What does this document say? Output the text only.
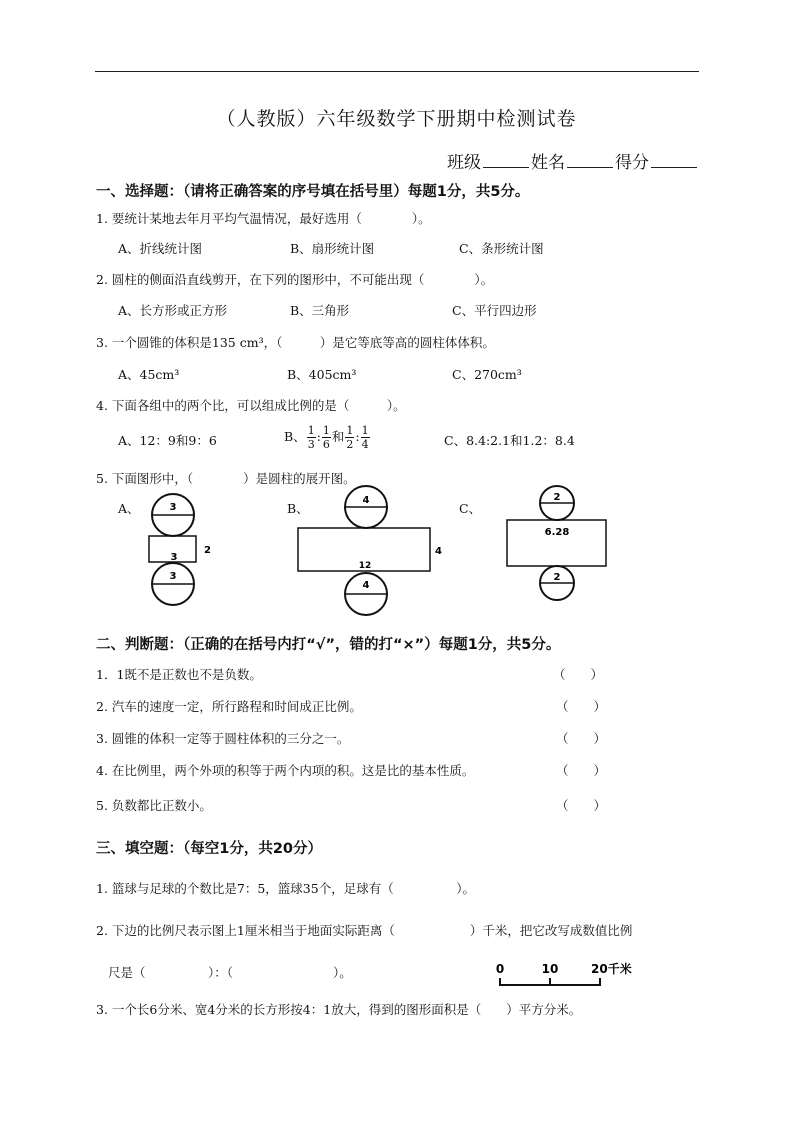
（人教版）六年级数学下册期中检测试卷
班级	姓名	得分
一、选择题：（请将正确答案的序号填在括号里）每题1分，共5分。
1. 要统计某地去年月平均气温情况，最好选用（　　　　）。
A、折线统计图	B、扇形统计图	C、条形统计图
2. 圆柱的侧面沿直线剪开，在下列的图形中，不可能出现（　　　　）。
A、长方形或正方形	B、三角形	C、平行四边形
3. 一个圆锥的体积是135 cm³，（　　　）是它等底等高的圆柱体体积。
A、45cm³	B、405cm³	C、270cm³
4. 下面各组中的两个比，可以组成比例的是（　　　）。
A、12：9和9：6	B、 $\frac{1}{3}$ : $\frac{1}{6}$ 和 $\frac{1}{2}$ : $\frac{1}{4}$	C、8.4:2.1和1.2：8.4
5. 下面图形中，（　　　　）是圆柱的展开图。
A、	B、	C、
3
3
2
3
4
12
4
4
2
6.28
2
二、判断题：（正确的在括号内打“√”，错的打“×”）每题1分，共5分。
1．1既不是正数也不是负数。	（　　）
2. 汽车的速度一定，所行路程和时间成正比例。	（　　）
3. 圆锥的体积一定等于圆柱体积的三分之一。	（　　）
4. 在比例里，两个外项的积等于两个内项的积。这是比的基本性质。	（　　）
5. 负数都比正数小。	（　　）
三、填空题：（每空1分，共20分）
1. 篮球与足球的个数比是7：5，篮球35个，足球有（　　　　　）。
2. 下边的比例尺表示图上1厘米相当于地面实际距离（　　　　　　）千米，把它改写成数值比例
尺是（　　　　　）：（　　　　　　　　）。	0	10	20千米
3. 一个长6分米、宽4分米的长方形按4：1放大，得到的图形面积是（　　）平方分米。
